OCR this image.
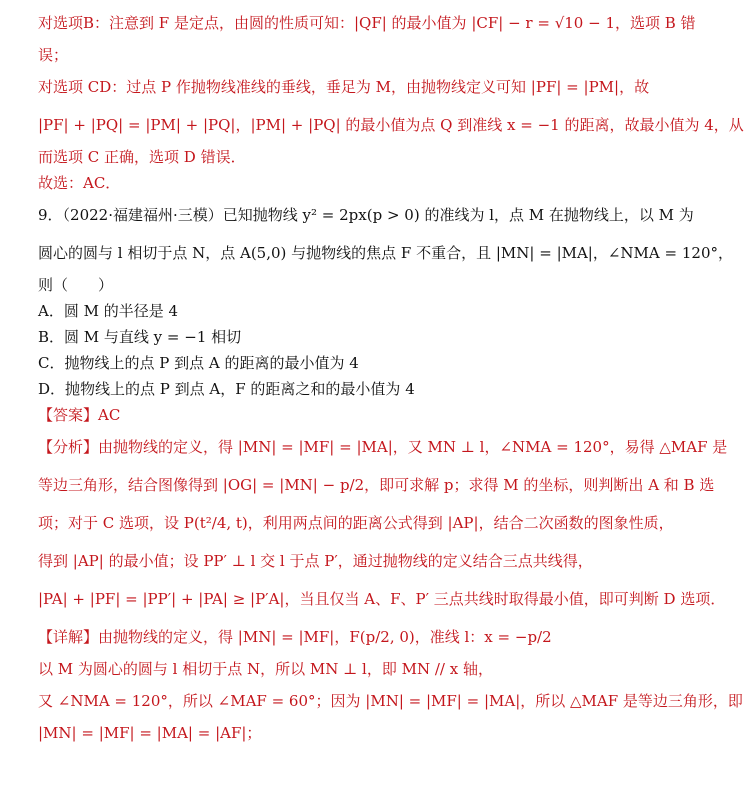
对选项B：注意到 F 是定点，由圆的性质可知：|QF| 的最小值为 |CF| − r = √10 − 1，选项 B 错
误；
对选项 CD：过点 P 作抛物线准线的垂线，垂足为 M，由抛物线定义可知 |PF| = |PM|，故
|PF| + |PQ| = |PM| + |PQ|，|PM| + |PQ| 的最小值为点 Q 到准线 x = −1 的距离，故最小值为 4，从
而选项 C 正确，选项 D 错误．
故选：AC．
9．（2022·福建福州·三模）已知抛物线 y² = 2px(p > 0) 的准线为 l，点 M 在抛物线上，以 M 为
圆心的圆与 l 相切于点 N，点 A(5,0) 与抛物线的焦点 F 不重合，且 |MN| = |MA|，∠NMA = 120°，
则（　　）
A．圆 M 的半径是 4
B．圆 M 与直线 y = −1 相切
C．抛物线上的点 P 到点 A 的距离的最小值为 4
D．抛物线上的点 P 到点 A，F 的距离之和的最小值为 4
【答案】AC
【分析】由抛物线的定义，得 |MN| = |MF| = |MA|，又 MN ⊥ l，∠NMA = 120°，易得 △MAF 是
等边三角形，结合图像得到 |OG| = |MN| − p/2，即可求解 p；求得 M 的坐标，则判断出 A 和 B 选
项；对于 C 选项，设 P(t²/4, t)，利用两点间的距离公式得到 |AP|，结合二次函数的图象性质，
得到 |AP| 的最小值；设 PP′ ⊥ l 交 l 于点 P′，通过抛物线的定义结合三点共线得，
|PA| + |PF| = |PP′| + |PA| ≥ |P′A|，当且仅当 A、F、P′ 三点共线时取得最小值，即可判断 D 选项．
【详解】由抛物线的定义，得 |MN| = |MF|，F(p/2, 0)，准线 l：x = −p/2
以 M 为圆心的圆与 l 相切于点 N，所以 MN ⊥ l，即 MN // x 轴，
又 ∠NMA = 120°，所以 ∠MAF = 60°；因为 |MN| = |MF| = |MA|，所以 △MAF 是等边三角形，即
|MN| = |MF| = |MA| = |AF|；
